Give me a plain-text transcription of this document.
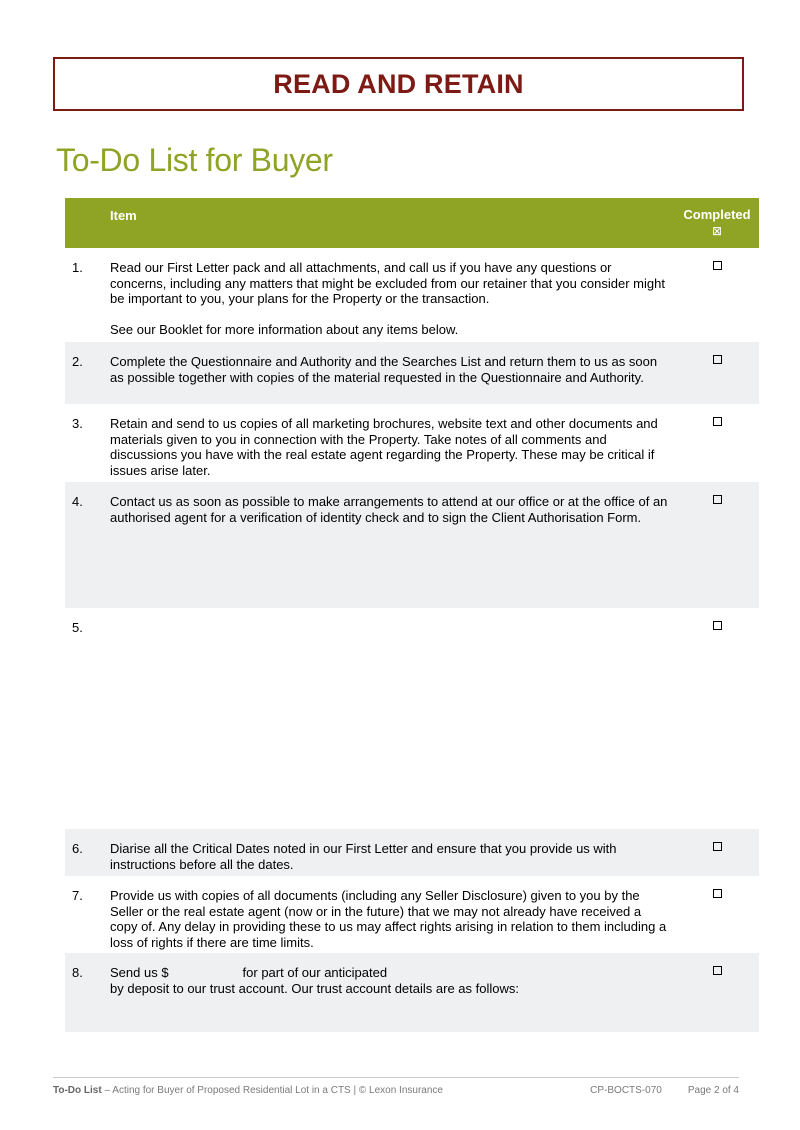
READ AND RETAIN
To-Do List for Buyer
Item	Completed
⊠
1. Read our First Letter pack and all attachments, and call us if you have any questions or concerns, including any matters that might be excluded from our retainer that you consider might be important to you, your plans for the Property or the transaction.

See our Booklet for more information about any items below.

2. Complete the Questionnaire and Authority and the Searches List and return them to us as soon as possible together with copies of the material requested in the Questionnaire and Authority.
3. Retain and send to us copies of all marketing brochures, website text and other documents and materials given to you in connection with the Property. Take notes of all comments and discussions you have with the real estate agent regarding the Property. These may be critical if issues arise later.
4. Contact us as soon as possible to make arrangements to attend at our office or at the office of an authorised agent for a verification of identity check and to sign the Client Authorisation Form.
5.
6. Diarise all the Critical Dates noted in our First Letter and ensure that you provide us with instructions before all the dates.
7. Provide us with copies of all documents (including any Seller Disclosure) given to you by the Seller or the real estate agent (now or in the future) that we may not already have received a copy of. Any delay in providing these to us may affect rights arising in relation to them including a loss of rights if there are time limits.
8. Send us $	for part of our anticipated
by deposit to our trust account. Our trust account details are as follows:
To-Do List – Acting for Buyer of Proposed Residential Lot in a CTS | © Lexon Insurance	CP-BOCTS-070	Page 2 of 4
